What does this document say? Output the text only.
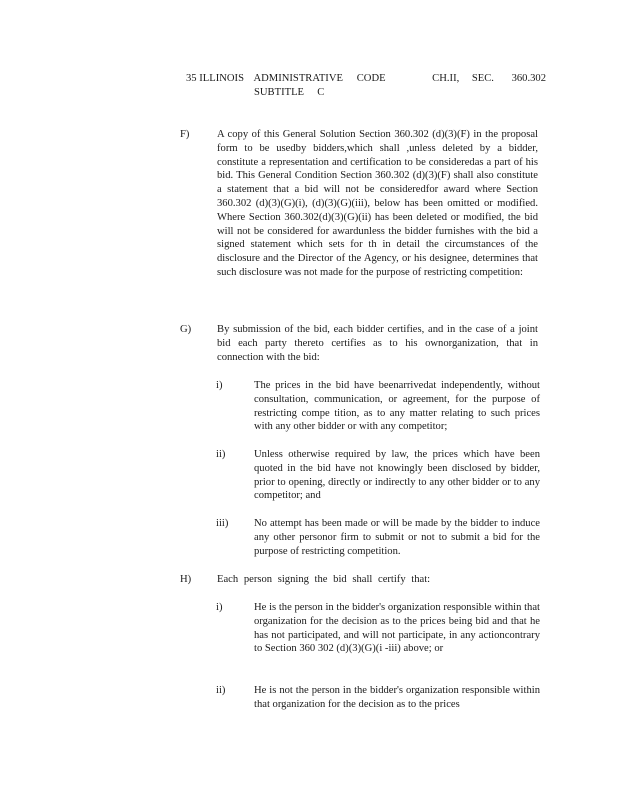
35 ILLINOIS ADMINISTRATIVE	CODE	CH.II,	SEC.	360.302
SUBTITLE     C
F)	A copy of this General Solution Section 360.302 (d)(3)(F) in the proposal form to be usedby bidders,which shall ,unless deleted by a bidder, constitute a representation and certification to be consideredas a part of his bid. This General Condition Section 360.302 (d)(3)(F) shall also constitute a statement that a bid will not be consideredfor award where Section 360.302 (d)(3)(G)(i), (d)(3)(G)(iii), below has been omitted or modified. Where Section 360.302(d)(3)(G)(ii) has been deleted or modified, the bid will not be considered for awardunless the bidder furnishes with the bid a signed statement which sets for th in detail the circumstances of the disclosure and the Director of the Agency, or his designee, determines that such disclosure was not made for the purpose of restricting competition:
G)	By submission of the bid, each bidder certifies, and in the case of a joint bid each party thereto certifies as to his ownorganization, that in connection with the bid:
i)	The prices in the bid have beenarrivedat independently, without consultation, communication, or agreement, for the purpose of restricting compe tition, as to any matter relating to such prices with any other bidder or with any competitor;
ii)	Unless otherwise required by law, the prices which have been quoted in the bid have not knowingly been disclosed by bidder, prior to opening, directly or indirectly to any other bidder or to any competitor; and
iii)	No attempt has been made or will be made by the bidder to induce any other personor firm to submit or not to submit a bid for the purpose of restricting competition.
H)	Each person signing the bid shall certify that:
i)	He is the person in the bidder's organization responsible within that organization for the decision as to the prices being bid and that he has not participated, and will not participate, in any actioncontrary to Section 360 302 (d)(3)(G)(i -iii) above; or
ii)	He is not the person in the bidder's organization responsible within that organization for the decision as to the prices
